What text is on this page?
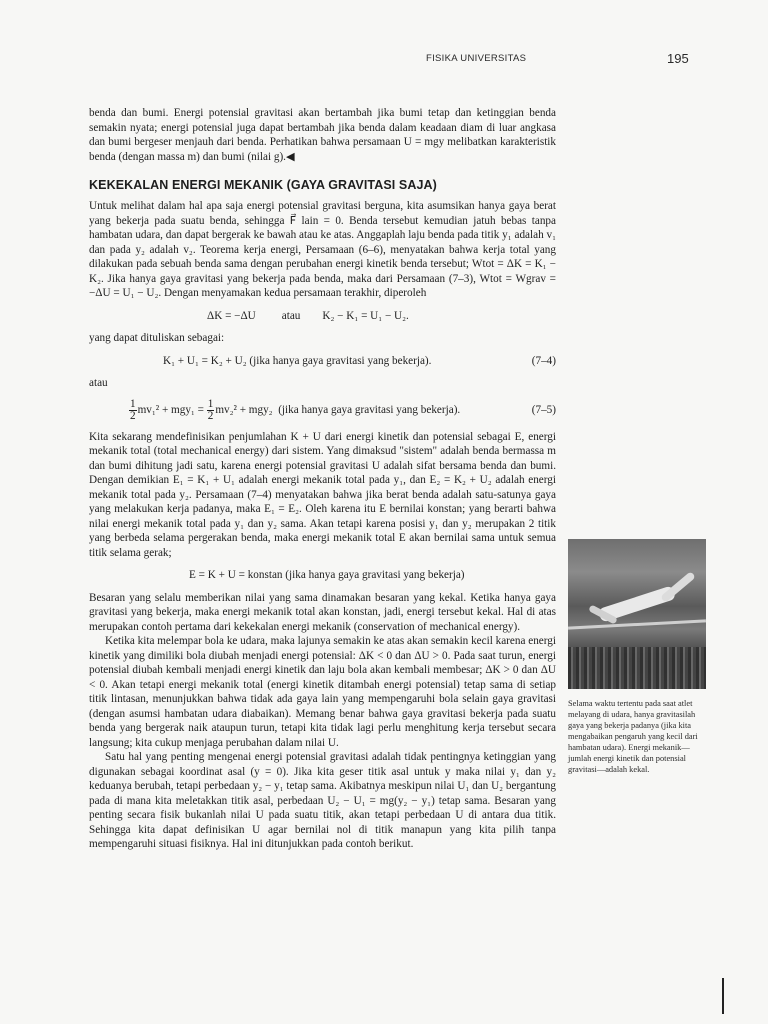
FISIKA UNIVERSITAS	195

benda dan bumi. Energi potensial gravitasi akan bertambah jika bumi tetap dan ketinggian benda semakin nyata; energi potensial juga dapat bertambah jika benda dalam keadaan diam di luar angkasa dan bumi bergeser menjauh dari benda. Perhatikan bahwa persamaan U = mgy melibatkan karakteristik benda (dengan massa m) dan bumi (nilai g).◀

KEKEKALAN ENERGI MEKANIK (GAYA GRAVITASI SAJA)

Untuk melihat dalam hal apa saja energi potensial gravitasi berguna, kita asumsikan hanya gaya berat yang bekerja pada suatu benda, sehingga F⃗ lain = 0. Benda tersebut kemudian jatuh bebas tanpa hambatan udara, dan dapat bergerak ke bawah atau ke atas. Anggaplah laju benda pada titik y₁ adalah v₁ dan pada y₂ adalah v₂. Teorema kerja energi, Persamaan (6–6), menyatakan bahwa kerja total yang dilakukan pada sebuah benda sama dengan perubahan energi kinetik benda tersebut; Wtot = ΔK = K₁ − K₂. Jika hanya gaya gravitasi yang bekerja pada benda, maka dari Persamaan (7–3), Wtot = Wgrav = −ΔU = U₁ − U₂. Dengan menyamakan kedua persamaan terakhir, diperoleh

ΔK = −ΔU atau K₂ − K₁ = U₁ − U₂.

yang dapat dituliskan sebagai:

K₁ + U₁ = K₂ + U₂ (jika hanya gaya gravitasi yang bekerja).	(7–4)
atau
$\frac{1}{2} mv_1^2 + mgy_1 = \frac{1}{2} mv_2^2 + mgy_2$ (jika hanya gaya gravitasi yang bekerja).	(7–5)

Kita sekarang mendefinisikan penjumlahan K + U dari energi kinetik dan potensial sebagai E, energi mekanik total (total mechanical energy) dari sistem. Yang dimaksud "sistem" adalah benda bermassa m dan bumi dihitung jadi satu, karena energi potensial gravitasi U adalah sifat bersama benda dan bumi. Dengan demikian E₁ = K₁ + U₁ adalah energi mekanik total pada y₁, dan E₂ = K₂ + U₂ adalah energi mekanik total pada y₂. Persamaan (7–4) menyatakan bahwa jika berat benda adalah satu-satunya gaya yang melakukan kerja padanya, maka E₁ = E₂. Oleh karena itu E bernilai konstan; yang berarti bahwa nilai energi mekanik total pada y₁ dan y₂ sama. Akan tetapi karena posisi y₁ dan y₂ merupakan 2 titik yang berbeda selama pergerakan benda, maka energi mekanik total E akan bernilai sama untuk semua titik selama gerak;

E = K + U = konstan (jika hanya gaya gravitasi yang bekerja)

Besaran yang selalu memberikan nilai yang sama dinamakan besaran yang kekal. Ketika hanya gaya gravitasi yang bekerja, maka energi mekanik total akan konstan, jadi, energi tersebut kekal. Hal di atas merupakan contoh pertama dari kekekalan energi mekanik (conservation of mechanical energy).

Ketika kita melempar bola ke udara, maka lajunya semakin ke atas akan semakin kecil karena energi kinetik yang dimiliki bola diubah menjadi energi potensial: ΔK < 0 dan ΔU > 0. Pada saat turun, energi potensial diubah kembali menjadi energi kinetik dan laju bola akan kembali membesar; ΔK > 0 dan ΔU < 0. Akan tetapi energi mekanik total (energi kinetik ditambah energi potensial) tetap sama di setiap titik lintasan, menunjukkan bahwa tidak ada gaya lain yang mempengaruhi bola selain gaya gravitasi (dengan asumsi hambatan udara diabaikan). Memang benar bahwa gaya gravitasi bekerja pada suatu benda yang bergerak naik ataupun turun, tetapi kita tidak lagi perlu menghitung kerja tersebut secara langsung; kita cukup menjaga perubahan dalam nilai U.

Satu hal yang penting mengenai energi potensial gravitasi adalah tidak pentingnya ketinggian yang digunakan sebagai koordinat asal (y = 0). Jika kita geser titik asal untuk y maka nilai y₁ dan y₂ keduanya berubah, tetapi perbedaan y₂ − y₁ tetap sama. Akibatnya meskipun nilai U₁ dan U₂ bergantung pada di mana kita meletakkan titik asal, perbedaan U₂ − U₁ = mg(y₂ − y₁) tetap sama. Besaran yang penting secara fisik bukanlah nilai U pada suatu titik, akan tetapi perbedaan U di antara dua titik. Sehingga kita dapat definisikan U agar bernilai nol di titik manapun yang kita pilih tanpa mempengaruhi situasi fisiknya. Hal ini ditunjukkan pada contoh berikut.

Selama waktu tertentu pada saat atlet melayang di udara, hanya gravitasilah gaya yang bekerja padanya (jika kita mengabaikan pengaruh yang kecil dari hambatan udara). Energi mekanik—jumlah energi kinetik dan potensial gravitasi—adalah kekal.
